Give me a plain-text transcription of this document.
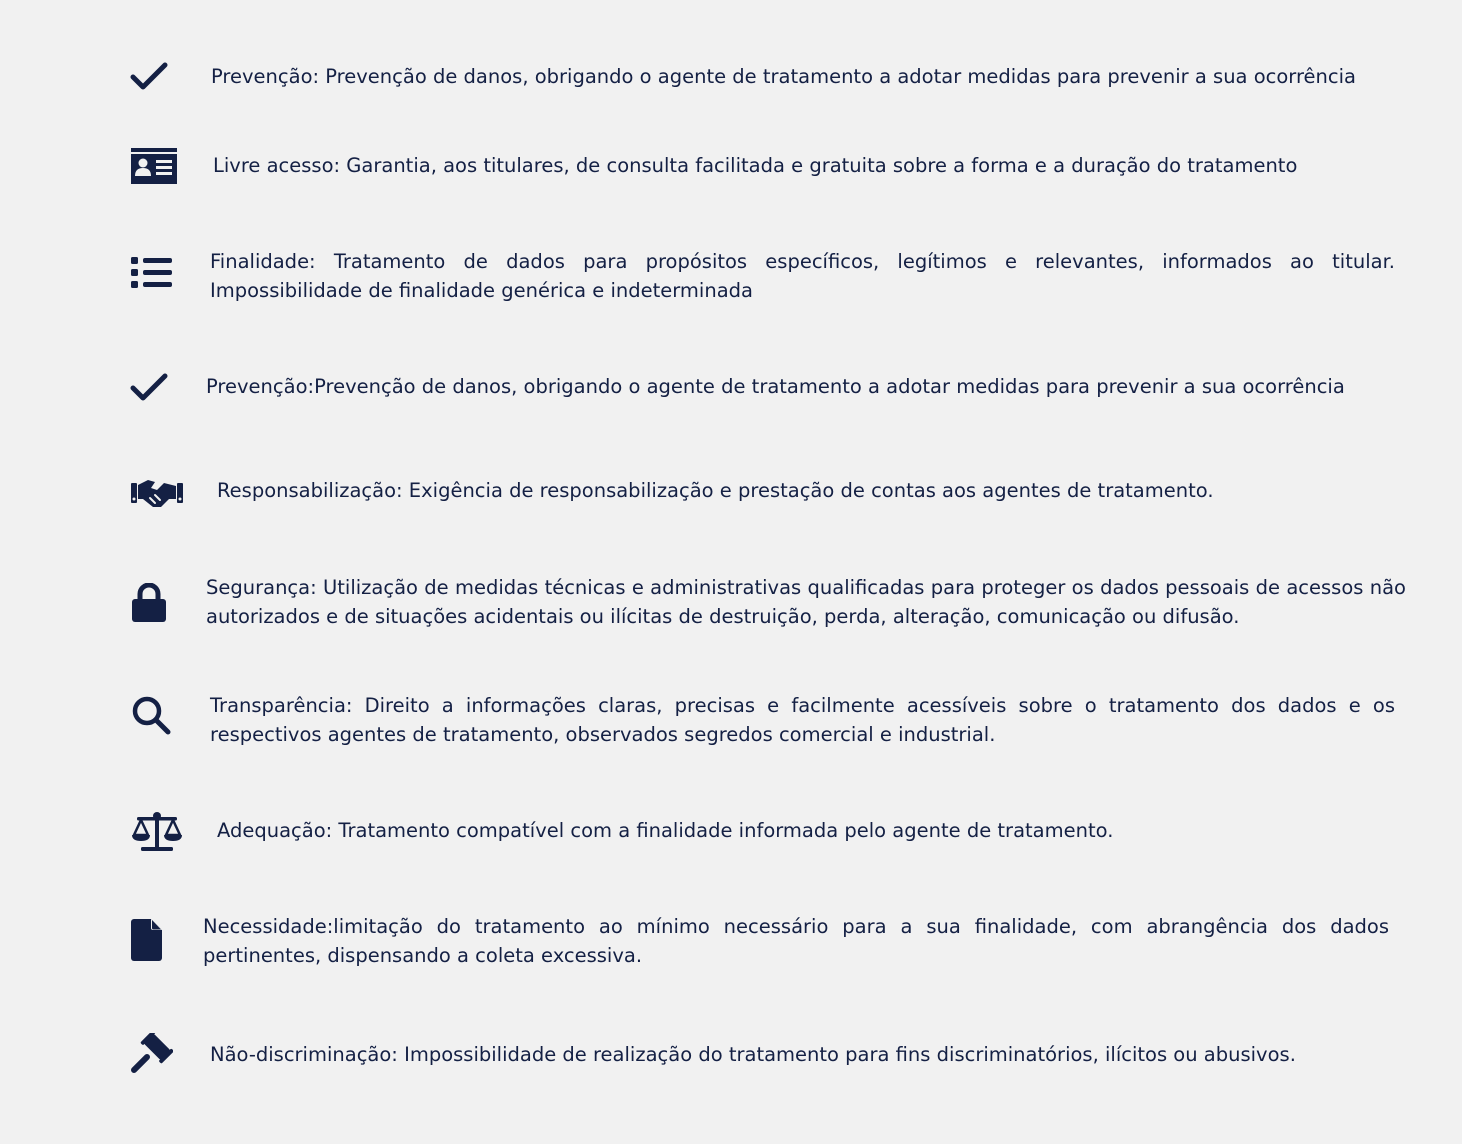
Prevenção: Prevenção de danos, obrigando o agente de tratamento a adotar medidas para prevenir a sua ocorrência

Livre acesso: Garantia, aos titulares, de consulta facilitada e gratuita sobre a forma e a duração do tratamento

Finalidade: Tratamento de dados para propósitos específicos, legítimos e relevantes, informados ao titular. Impossibilidade de finalidade genérica e indeterminada

Prevenção:Prevenção de danos, obrigando o agente de tratamento a adotar medidas para prevenir a sua ocorrência

Responsabilização: Exigência de responsabilização e prestação de contas aos agentes de tratamento.

Segurança: Utilização de medidas técnicas e administrativas qualificadas para proteger os dados pessoais de acessos não autorizados e de situações acidentais ou ilícitas de destruição, perda, alteração, comunicação ou difusão.

Transparência: Direito a informações claras, precisas e facilmente acessíveis sobre o tratamento dos dados e os respectivos agentes de tratamento, observados segredos comercial e industrial.

Adequação: Tratamento compatível com a finalidade informada pelo agente de tratamento.

Necessidade:limitação do tratamento ao mínimo necessário para a sua finalidade, com abrangência dos dados pertinentes, dispensando a coleta excessiva.

Não-discriminação: Impossibilidade de realização do tratamento para fins discriminatórios, ilícitos ou abusivos.
